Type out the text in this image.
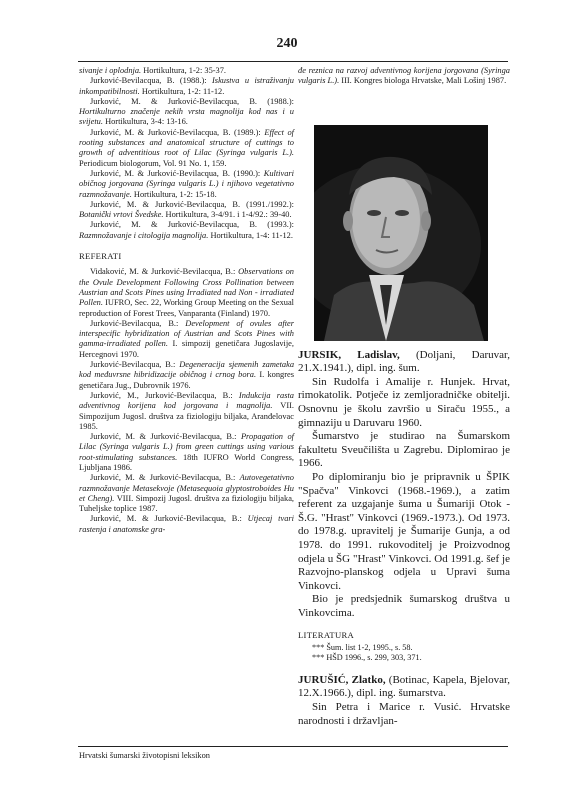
240

sivanje i oplodnja. Hortikultura, 1-2: 35-37.

Jurković-Bevilacqua, B. (1988.): Iskustva u istraživanju inkompatibilnosti. Hortikultura, 1-2: 11-12.

Jurković, M. & Jurković-Bevilacqua, B. (1988.): Hortikulturno značenje nekih vrsta magnolija kod nas i u svijetu. Hortikultura, 3-4: 13-16.

Jurković, M. & Jurković-Bevilacqua, B. (1989.): Effect of rooting substances and anatomical structure of cuttings to growth of adventitious root of Lilac (Syringa vulgaris L.). Periodicum biologorum, Vol. 91 No. 1, 159.

Jurković, M. & Jurković-Bevilacqua, B. (1990.): Kultivari običnog jorgovana (Syringa vulgaris L.) i njihovo vegetativno razmnožavanje. Hortikultura, 1-2: 15-18.

Jurković, M. & Jurković-Bevilacqua, B. (1991./1992.): Botanički vrtovi Švedske. Hortikultura, 3-4/91. i 1-4/92.: 39-40.

Jurković, M. & Jurković-Bevilacqua, B. (1993.): Razmnožavanje i citologija magnolija. Hortikultura, 1-4: 11-12.

REFERATI

Vidaković, M. & Jurković-Bevilacqua, B.: Observations on the Ovule Development Following Cross Pollination between Austrian and Scots Pines using Irradiated nad Non - irradiated Pollen. IUFRO, Sec. 22, Working Group Meeting on the Sexual reproduction of Forest Trees, Vanparanta (Finland) 1970.

Jurković-Bevilacqua, B.: Development of ovules after interspecific hybridization of Austrian and Scots Pines with gamma-irradiated pollen. I. simpozij genetičara Jugoslavije, Hercegnovi 1970.

Jurković-Bevilacqua, B.: Degeneracija sjemenih zametaka kod međuvrsne hibridizacije običnog i crnog bora. I. kongres genetičara Jug., Dubrovnik 1976.

Jurković, M., Jurković-Bevilacqua, B.: Indukcija rasta adventivnog korijena kod jorgovana i magnolija. VII. Simpozijum Jugosl. društva za fiziologiju biljaka, Aranđelovac 1985.

Jurković, M. & Jurković-Bevilacqua, B.: Propagation of Lilac (Syringa vulgaris L.) from green cuttings using various root-stimulating substances. 18th IUFRO World Congress, Ljubljana 1986.

Jurković, M. & Jurković-Bevilacqua, B.: Autovegetativno razmnožavanje Metasekvoje (Metasequoia glyptostroboides Hu et Cheng). VIII. Simpozij Jugosl. društva za fiziologiju biljaka, Tuheljske toplice 1987.

Jurković, M. & Jurković-Bevilacqua, B.: Utjecaj tvari rastenja i anatomske gra-

đe reznica na razvoj adventivnog korijena jorgovana (Syringa vulgaris L.). III. Kongres biologa Hrvatske, Mali Lošinj 1987.

JURSIK, Ladislav, (Doljani, Daruvar, 21.X.1941.), dipl. ing. šum.

Sin Rudolfa i Amalije r. Hunjek. Hrvat, rimokatolik. Potječe iz zemljoradničke obitelji. Osnovnu je školu završio u Siraču 1955., a gimnaziju u Daruvaru 1960.

Šumarstvo je studirao na Šumarskom fakultetu Sveučilišta u Zagrebu. Diplomirao je 1966.

Po diplomiranju bio je pripravnik u ŠPIK "Spačva" Vinkovci (1968.-1969.), a zatim referent za uzgajanje šuma u Šumariji Otok - Š.G. "Hrast" Vinkovci (1969.-1973.). Od 1973. do 1978.g. upravitelj je Šumarije Gunja, a od 1978. do 1991. rukovoditelj je Proizvodnog odjela u ŠG "Hrast" Vinkovci. Od 1991.g. šef je Razvojno-planskog odjela u Upravi šuma Vinkovci.

Bio je predsjednik šumarskog društva u Vinkovcima.

LITERATURA
*** Šum. list 1-2, 1995., s. 58.
*** HŠD 1996., s. 299, 303, 371.

JURUŠIĆ, Zlatko, (Botinac, Kapela, Bjelovar, 12.X.1966.), dipl. ing. šumarstva.

Sin Petra i Marice r. Vusić. Hrvatske narodnosti i državljan-

Hrvatski šumarski životopisni leksikon
